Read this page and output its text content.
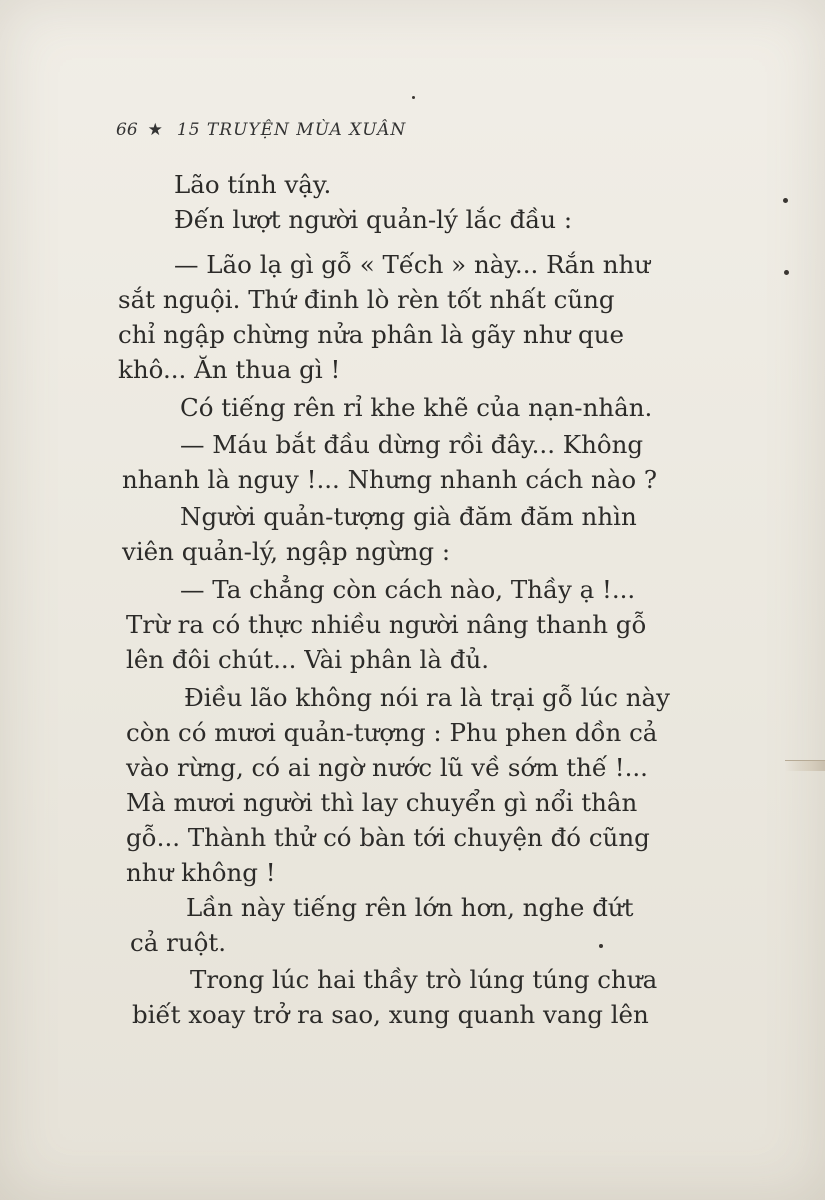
66 ★ 15 TRUYỆN MÙA XUÂN
Lão tính vậy.
Đến lượt người quản-lý lắc đầu :
— Lão lạ gì gỗ « Tếch » này... Rắn như
sắt nguội. Thứ đinh lò rèn tốt nhất cũng
chỉ ngập chừng nửa phân là gãy như que
khô... Ăn thua gì !
Có tiếng rên rỉ khe khẽ của nạn-nhân.
— Máu bắt đầu dừng rồi đây... Không
nhanh là nguy !... Nhưng nhanh cách nào ?
Người quản-tượng già đăm đăm nhìn
viên quản-lý, ngập ngừng :
— Ta chẳng còn cách nào, Thầy ạ !...
Trừ ra có thực nhiều người nâng thanh gỗ
lên đôi chút... Vài phân là đủ.
Điều lão không nói ra là trại gỗ lúc này
còn có mươi quản-tượng : Phu phen dồn cả
vào rừng, có ai ngờ nước lũ về sớm thế !...
Mà mươi người thì lay chuyển gì nổi thân
gỗ... Thành thử có bàn tới chuyện đó cũng
như không !
Lần này tiếng rên lớn hơn, nghe đứt
cả ruột.
Trong lúc hai thầy trò lúng túng chưa
biết xoay trở ra sao, xung quanh vang lên
